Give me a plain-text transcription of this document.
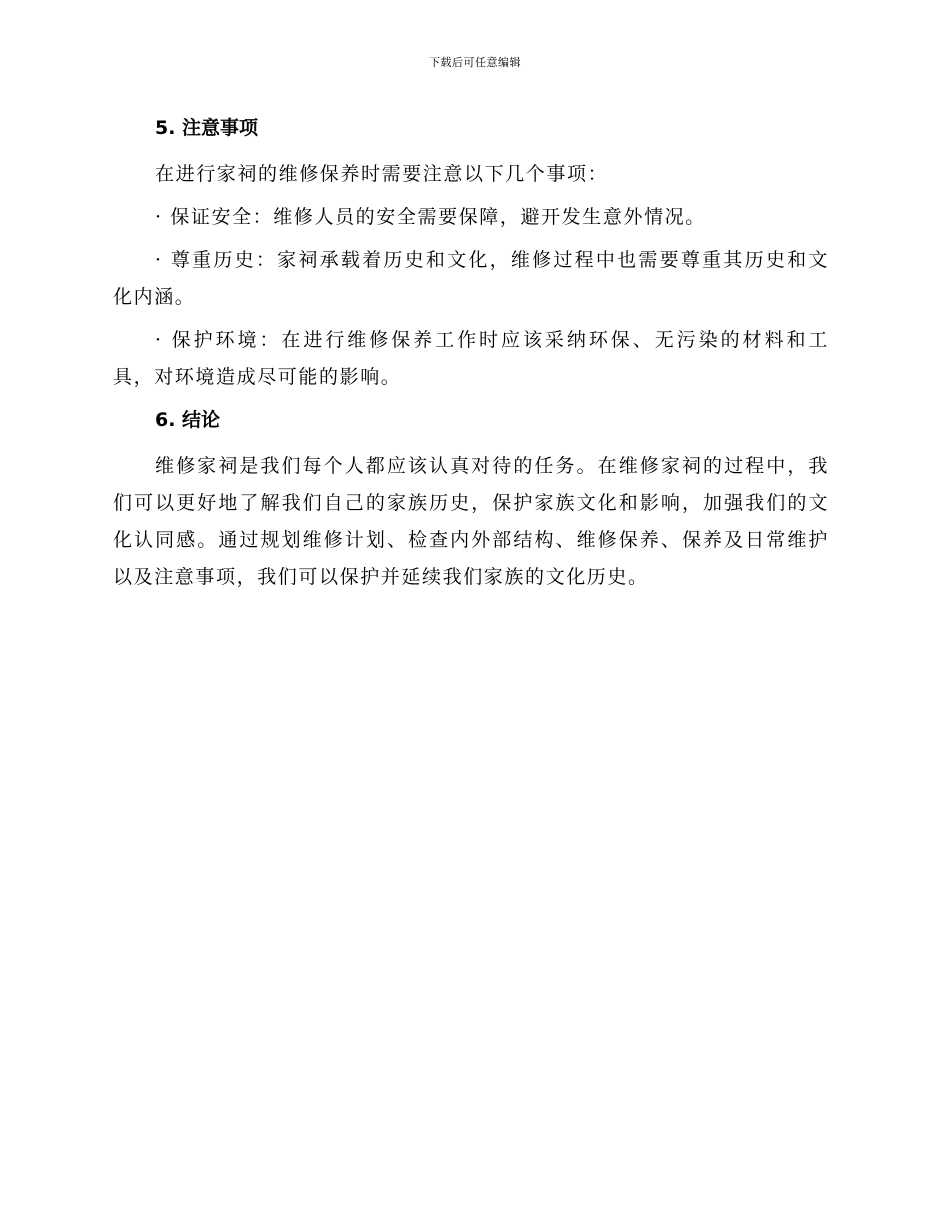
下载后可任意编辑
5. 注意事项

在进行家祠的维修保养时需要注意以下几个事项：

· 保证安全：维修人员的安全需要保障，避开发生意外情况。

· 尊重历史：家祠承载着历史和文化，维修过程中也需要尊重其历史和文化内涵。

· 保护环境：在进行维修保养工作时应该采纳环保、无污染的材料和工具，对环境造成尽可能的影响。

6. 结论

维修家祠是我们每个人都应该认真对待的任务。在维修家祠的过程中，我们可以更好地了解我们自己的家族历史，保护家族文化和影响，加强我们的文化认同感。通过规划维修计划、检查内外部结构、维修保养、保养及日常维护以及注意事项，我们可以保护并延续我们家族的文化历史。
